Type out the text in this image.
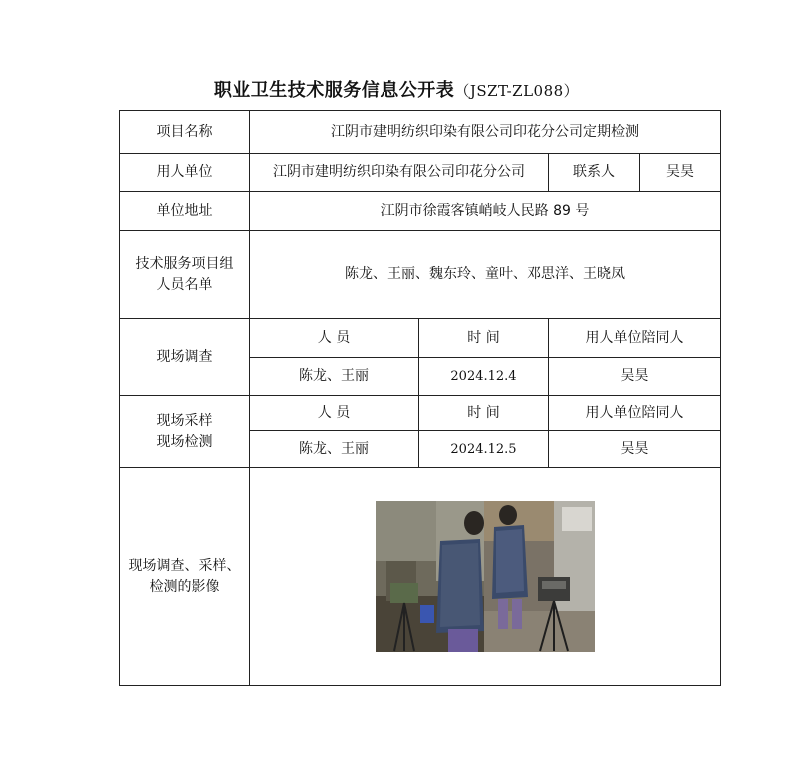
职业卫生技术服务信息公开表（JSZT-ZL088）
项目名称	江阴市建明纺织印染有限公司印花分公司定期检测			
用人单位	江阴市建明纺织印染有限公司印花分公司		联系人	吴昊
单位地址	江阴市徐霞客镇峭岐人民路 89 号			

技术服务项目组
人员名单	陈龙、王丽、魏东玲、童叶、邓思洋、王晓凤			
现场调查	人 员	时 间	用人单位陪同人	
	陈龙、王丽	2024.12.4	吴昊	

现场采样
现场检测	人 员	时 间	用人单位陪同人	
	陈龙、王丽	2024.12.5	吴昊	

现场调查、采样、
检测的影像
